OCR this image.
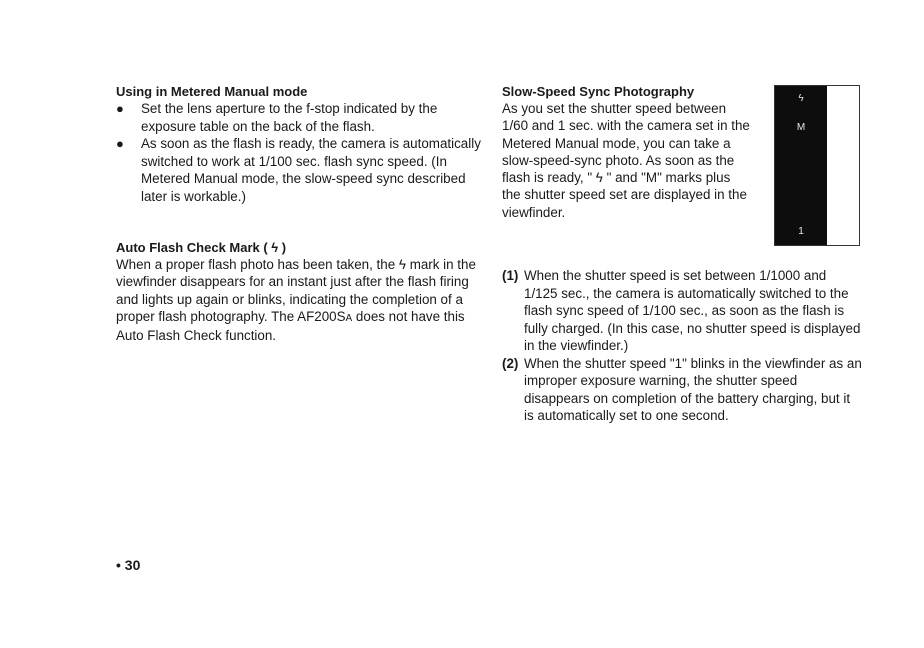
Using in Metered Manual mode
● Set the lens aperture to the f-stop indicated by the exposure table on the back of the flash.
● As soon as the flash is ready, the camera is automatically switched to work at 1/100 sec. flash sync speed. (In Metered Manual mode, the slow-speed sync described later is workable.)
Auto Flash Check Mark ( ϟ )

When a proper flash photo has been taken, the ϟ mark in the viewfinder disappears for an instant just after the flash firing and lights up again or blinks, indicating the completion of a proper flash photography. The AF200SA does not have this Auto Flash Check function.

Slow-Speed Sync Photography

As you set the shutter speed between 1/60 and 1 sec. with the camera set in the Metered Manual mode, you can take a slow-speed-sync photo. As soon as the flash is ready, " ϟ " and "M" marks plus the shutter speed set are displayed in the viewfinder.

ϟ
M
1
(1) When the shutter speed is set between 1/1000 and 1/125 sec., the camera is automatically switched to the flash sync speed of 1/100 sec., as soon as the flash is fully charged. (In this case, no shutter speed is displayed in the viewfinder.)
(2) When the shutter speed "1" blinks in the viewfinder as an improper exposure warning, the shutter speed disappears on completion of the battery charging, but it is automatically set to one second.
• 30
